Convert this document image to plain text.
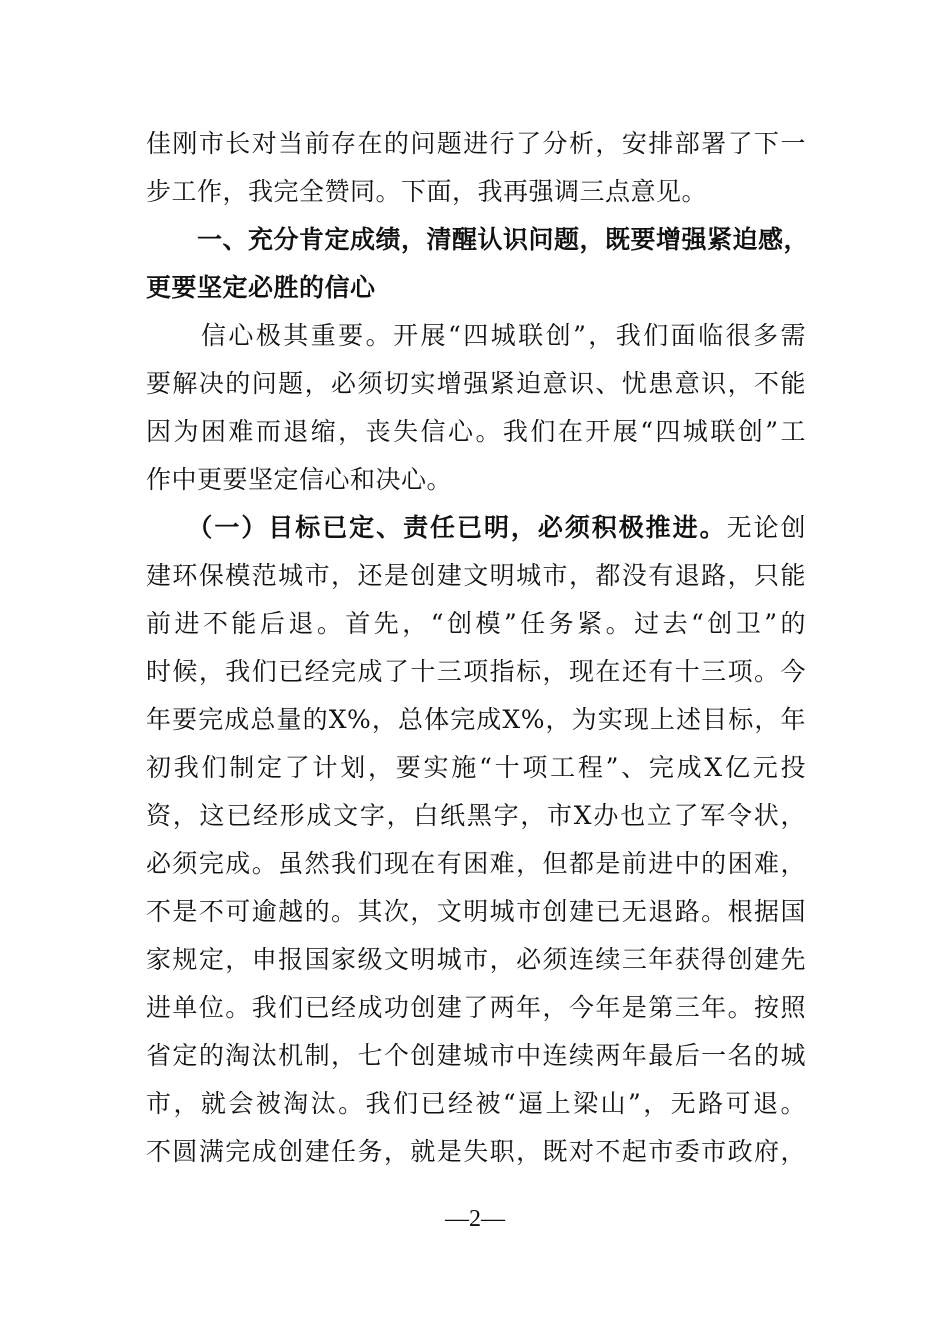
佳刚市长对当前存在的问题进行了分析，安排部署了下一
步工作，我完全赞同。下面，我再强调三点意见。
　　一、充分肯定成绩，清醒认识问题，既要增强紧迫感，
更要坚定必胜的信心
　　信心极其重要。开展“四城联创”，我们面临很多需
要解决的问题，必须切实增强紧迫意识、忧患意识，不能
因为困难而退缩，丧失信心。我们在开展“四城联创”工
作中更要坚定信心和决心。
　　（一）目标已定、责任已明，必须积极推进。无论创
建环保模范城市，还是创建文明城市，都没有退路，只能
前进不能后退。首先，“创模”任务紧。过去“创卫”的
时候，我们已经完成了十三项指标，现在还有十三项。今
年要完成总量的X%，总体完成X%，为实现上述目标，年
初我们制定了计划，要实施“十项工程”、完成X亿元投
资，这已经形成文字，白纸黑字，市X办也立了军令状，
必须完成。虽然我们现在有困难，但都是前进中的困难，
不是不可逾越的。其次，文明城市创建已无退路。根据国
家规定，申报国家级文明城市，必须连续三年获得创建先
进单位。我们已经成功创建了两年，今年是第三年。按照
省定的淘汰机制，七个创建城市中连续两年最后一名的城
市，就会被淘汰。我们已经被“逼上梁山”，无路可退。
不圆满完成创建任务，就是失职，既对不起市委市政府，
—2—
